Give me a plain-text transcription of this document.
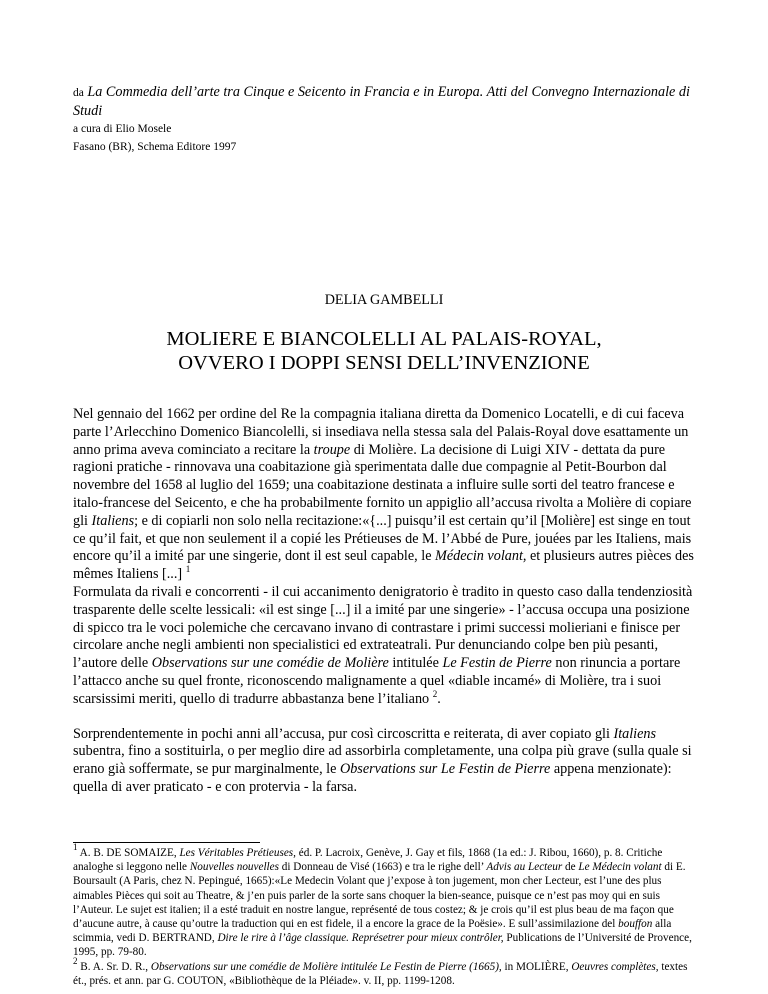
da La Commedia dell’arte tra Cinque e Seicento in Francia e in Europa. Atti del Convegno Internazionale di Studi
a cura di Elio Mosele
Fasano (BR), Schema Editore 1997
DELIA GAMBELLI
MOLIERE E BIANCOLELLI AL PALAIS-ROYAL,
OVVERO I DOPPI SENSI DELL’INVENZIONE

Nel gennaio del 1662 per ordine del Re la compagnia italiana diretta da Domenico Locatelli, e di cui faceva parte l’Arlecchino Domenico Biancolelli, si insediava nella stessa sala del Palais-Royal dove esattamente un anno prima aveva cominciato a recitare la troupe di Molière. La decisione di Luigi XIV - dettata da pure ragioni pratiche - rinnovava una coabitazione già sperimentata dalle due compagnie al Petit-Bourbon dal novembre del 1658 al luglio del 1659; una coabitazione destinata a influire sulle sorti del teatro francese e italo-francese del Seicento, e che ha probabilmente fornito un appiglio all’accusa rivolta a Molière di copiare gli Italiens; e di copiarli non solo nella recitazione:«{...] puisqu’il est certain qu’il [Molière] est singe en tout ce qu’il fait, et que non seulement il a copié les Prétieuses de M. l’Abbé de Pure, jouées par les Italiens, mais encore qu’il a imité par une singerie, dont il est seul capable, le Médecin volant, et plusieurs autres pièces des mêmes Italiens [...] $^1$

Formulata da rivali e concorrenti - il cui accanimento denigratorio è tradito in questo caso dalla tendenziosità trasparente delle scelte lessicali: «il est singe [...] il a imité par une singerie» - l’accusa occupa una posizione di spicco tra le voci polemiche che cercavano invano di contrastare i primi successi molieriani e finisce per circolare anche negli ambienti non specialistici ed extrateatrali. Pur denunciando colpe ben più pesanti, l’autore delle Observations sur une comédie de Molière intitulée Le Festin de Pierre non rinuncia a portare l’attacco anche su quel fronte, riconoscendo malignamente a quel «diable incamé» di Molière, tra i suoi scarsissimi meriti, quello di tradurre abbastanza bene l’italiano $^2$.

Sorprendentemente in pochi anni all’accusa, pur così circoscritta e reiterata, di aver copiato gli Italiens subentra, fino a sostituirla, o per meglio dire ad assorbirla completamente, una colpa più grave (sulla quale si erano già soffermate, se pur marginalmente, le Observations sur Le Festin de Pierre appena menzionate): quella di aver praticato - e con protervia - la farsa.

$^1$ A. B. DE SOMAIZE, Les Véritables Prétieuses, éd. P. Lacroix, Genève, J. Gay et fils, 1868 (1a ed.: J. Ribou, 1660), p. 8. Critiche analoghe si leggono nelle Nouvelles nouvelles di Donneau de Visé (1663) e tra le righe dell’ Advis au Lecteur de Le Médecin volant di E. Boursault (A Paris, chez N. Pepingué, 1665):«Le Medecin Volant que j’expose à ton jugement, mon cher Lecteur, est l’une des plus aimables Pièces qui soit au Theatre, & j’en puis parler de la sorte sans choquer la bien-seance, puisque ce n’est pas moy qui en suis l’Auteur. Le sujet est italien; il a esté traduit en nostre langue, représenté de tous costez; & je crois qu’il est plus beau de ma façon que d’aucune autre, à cause qu’outre la traduction qui en est fidele, il a encore la grace de la Poësie». E sull’assimilazione del bouffon alla scimmia, vedi D. BERTRAND, Dire le rire à l’âge classique. Représetrer pour mieux contrôler, Publications de l’Université de Provence, 1995, pp. 79-80.

$^2$ B. A. Sr. D. R., Observations sur une comédie de Molière intitulée Le Festin de Pierre (1665), in MOLIÈRE, Oeuvres complètes, textes ét., prés. et ann. par G. COUTON, «Bibliothèque de la Pléiade». v. II, pp. 1199-1208.
